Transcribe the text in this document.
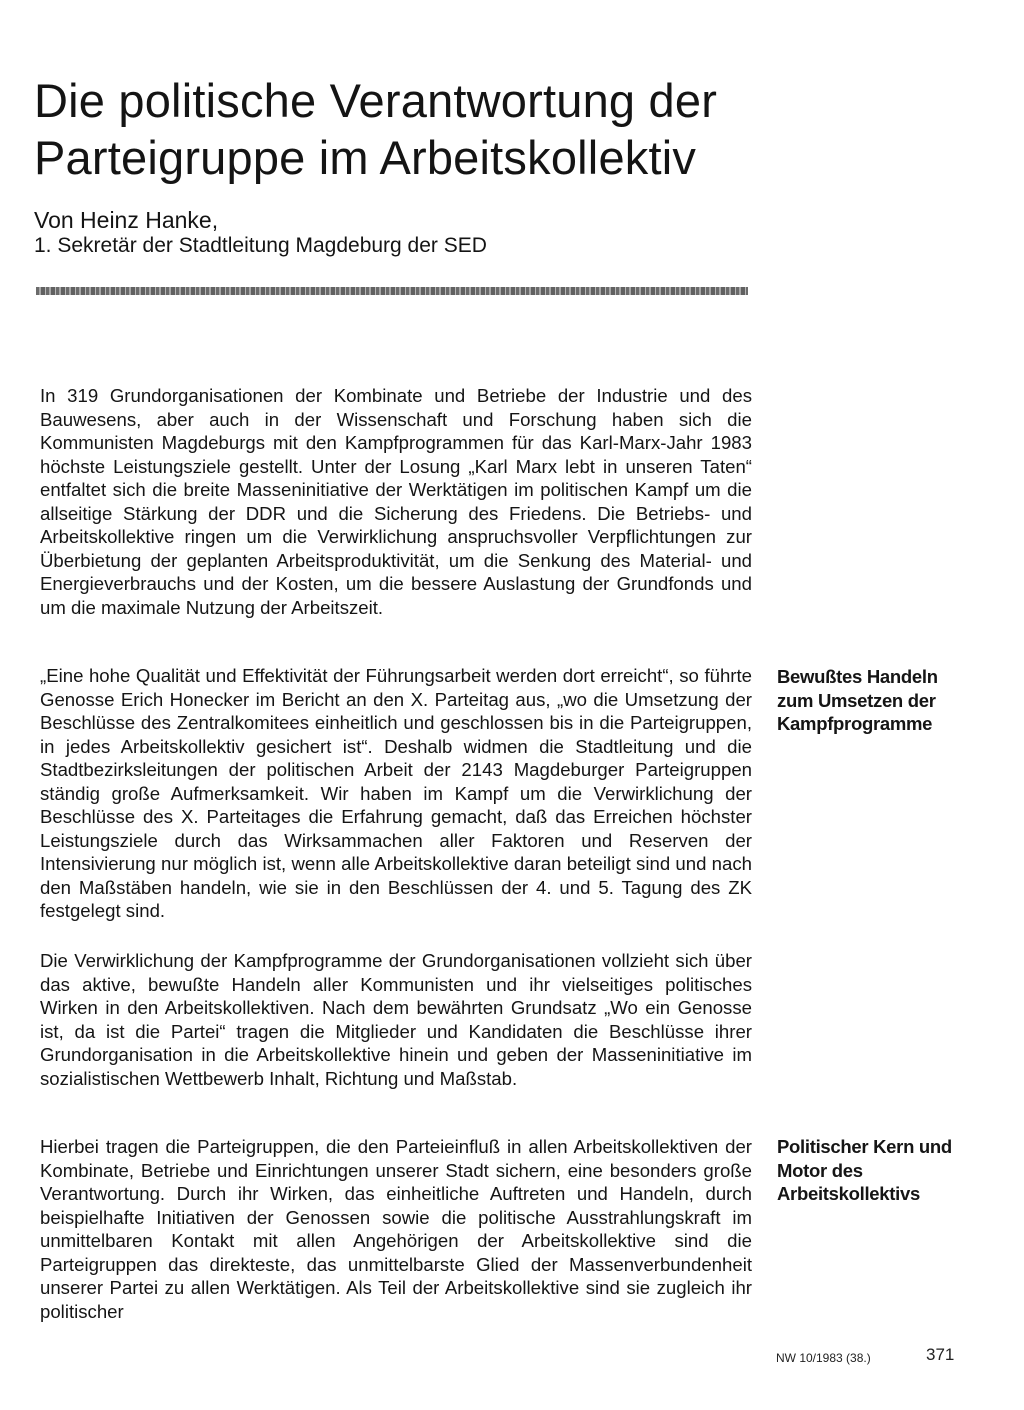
Die politische Verantwortung der Parteigruppe im Arbeitskollektiv
Von Heinz Hanke,
1. Sekretär der Stadtleitung Magdeburg der SED

In 319 Grundorganisationen der Kombinate und Betriebe der Industrie und des Bauwesens, aber auch in der Wissenschaft und Forschung haben sich die Kommunisten Magdeburgs mit den Kampfprogrammen für das Karl-Marx-Jahr 1983 höchste Leistungsziele gestellt. Unter der Losung „Karl Marx lebt in unseren Taten“ entfaltet sich die breite Masseninitiative der Werktätigen im politischen Kampf um die allseitige Stärkung der DDR und die Sicherung des Friedens. Die Betriebs- und Arbeitskollektive ringen um die Verwirklichung anspruchsvoller Verpflichtungen zur Überbietung der geplanten Arbeitsproduktivität, um die Senkung des Material- und Energieverbrauchs und der Kosten, um die bessere Auslastung der Grundfonds und um die maximale Nutzung der Arbeitszeit.

„Eine hohe Qualität und Effektivität der Führungsarbeit werden dort erreicht“, so führte Genosse Erich Honecker im Bericht an den X. Parteitag aus, „wo die Umsetzung der Beschlüsse des Zentralkomitees einheitlich und geschlossen bis in die Parteigruppen, in jedes Arbeitskollektiv gesichert ist“. Deshalb widmen die Stadtleitung und die Stadtbezirksleitungen der politischen Arbeit der 2143 Magdeburger Parteigruppen ständig große Aufmerksamkeit. Wir haben im Kampf um die Verwirklichung der Beschlüsse des X. Parteitages die Erfahrung gemacht, daß das Erreichen höchster Leistungsziele durch das Wirksammachen aller Faktoren und Reserven der Intensivierung nur möglich ist, wenn alle Arbeitskollektive daran beteiligt sind und nach den Maßstäben handeln, wie sie in den Beschlüssen der 4. und 5. Tagung des ZK festgelegt sind.

Die Verwirklichung der Kampfprogramme der Grundorganisationen vollzieht sich über das aktive, bewußte Handeln aller Kommunisten und ihr vielseitiges politisches Wirken in den Arbeitskollektiven. Nach dem bewährten Grundsatz „Wo ein Genosse ist, da ist die Partei“ tragen die Mitglieder und Kandidaten die Beschlüsse ihrer Grundorganisation in die Arbeitskollektive hinein und geben der Masseninitiative im sozialistischen Wettbewerb Inhalt, Richtung und Maßstab.

Hierbei tragen die Parteigruppen, die den Parteieinfluß in allen Arbeitskollektiven der Kombinate, Betriebe und Einrichtungen unserer Stadt sichern, eine besonders große Verantwortung. Durch ihr Wirken, das einheitliche Auftreten und Handeln, durch beispielhafte Initiativen der Genossen sowie die politische Ausstrahlungskraft im unmittelbaren Kontakt mit allen Angehörigen der Arbeitskollektive sind die Parteigruppen das direkteste, das unmittelbarste Glied der Massenverbundenheit unserer Partei zu allen Werktätigen. Als Teil der Arbeitskollektive sind sie zugleich ihr politischer

Bewußtes Handeln zum Umsetzen der Kampfprogramme

Politischer Kern und Motor des Arbeitskollektivs

NW 10/1983 (38.)	371
